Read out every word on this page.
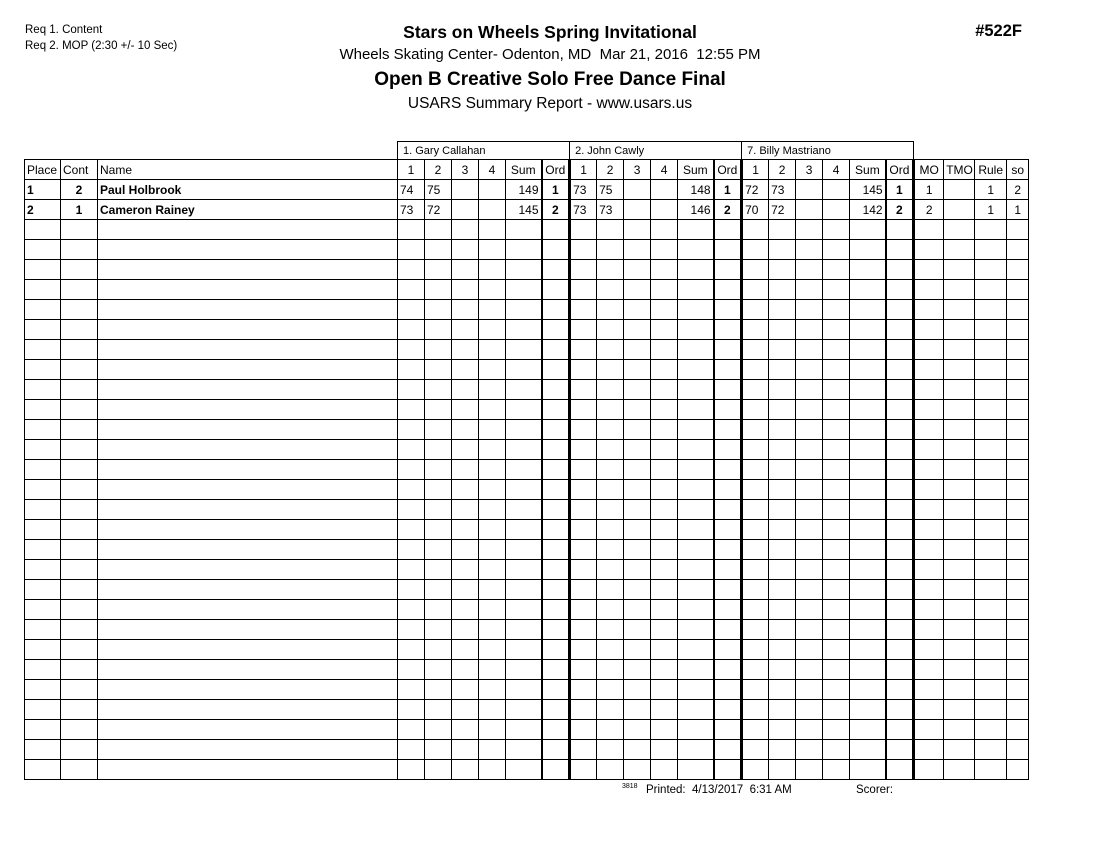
Req 1. Content
Req 2. MOP (2:30 +/- 10 Sec)
#522F
Stars on Wheels Spring Invitational
Wheels Skating Center- Odenton, MD  Mar 21, 2016  12:55 PM
Open B Creative Solo Free Dance Final
USARS Summary Report - www.usars.us
			1. Gary Callahan						2. John Cawly						7. Billy Mastriano									
Place	Cont	Name	1	2	3	4	Sum	Ord	1	2	3	4	Sum	Ord	1	2	3	4	Sum	Ord	MO	TMO	Rule	so
1	2	Paul Holbrook	74	75			149	1	73	75			148	1	72	73			145	1	1		1	2
2	1	Cameron Rainey	73	72			145	2	73	73			146	2	70	72			142	2	2		1	1

3818 Printed:  4/13/2017  6:31 AM	Scorer:
